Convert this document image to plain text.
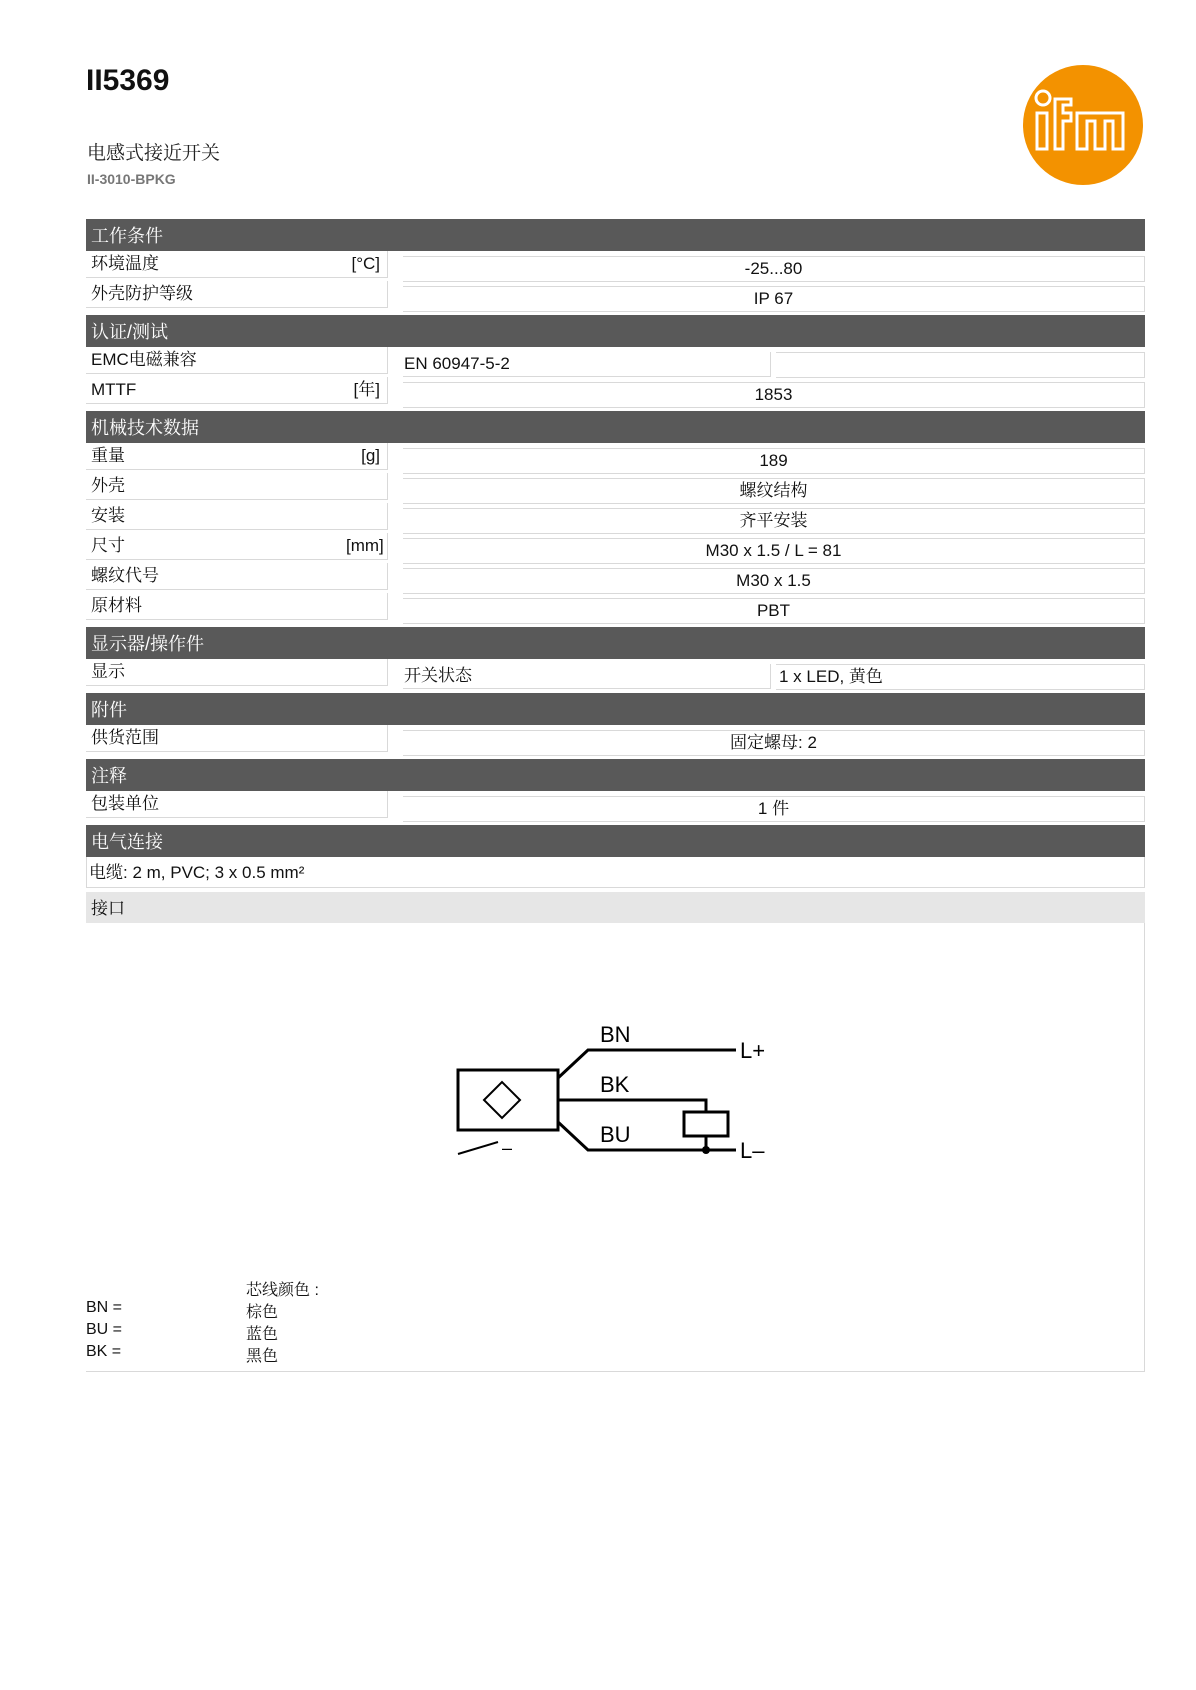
II5369
电感式接近开关
II-3010-BPKG
工作条件
环境温度	[°C]	-25...80
外壳防护等级	IP 67
认证/测试
EMC电磁兼容	EN 60947-5-2
MTTF	[年]	1853
机械技术数据
重量	[g]	189
外壳	螺纹结构
安装	齐平安装
尺寸	[mm]	M30 x 1.5 / L = 81
螺纹代号	M30 x 1.5
原材料	PBT
显示器/操作件
显示	开关状态	1 x LED, 黄色
附件
供货范围	固定螺母: 2
注释
包装单位	1 件
电气连接
电缆: 2 m, PVC; 3 x 0.5 mm²
接口
BN
BK
BU
L+
L–
–
芯线颜色 :
BN =	棕色
BU =	蓝色
BK =	黑色
